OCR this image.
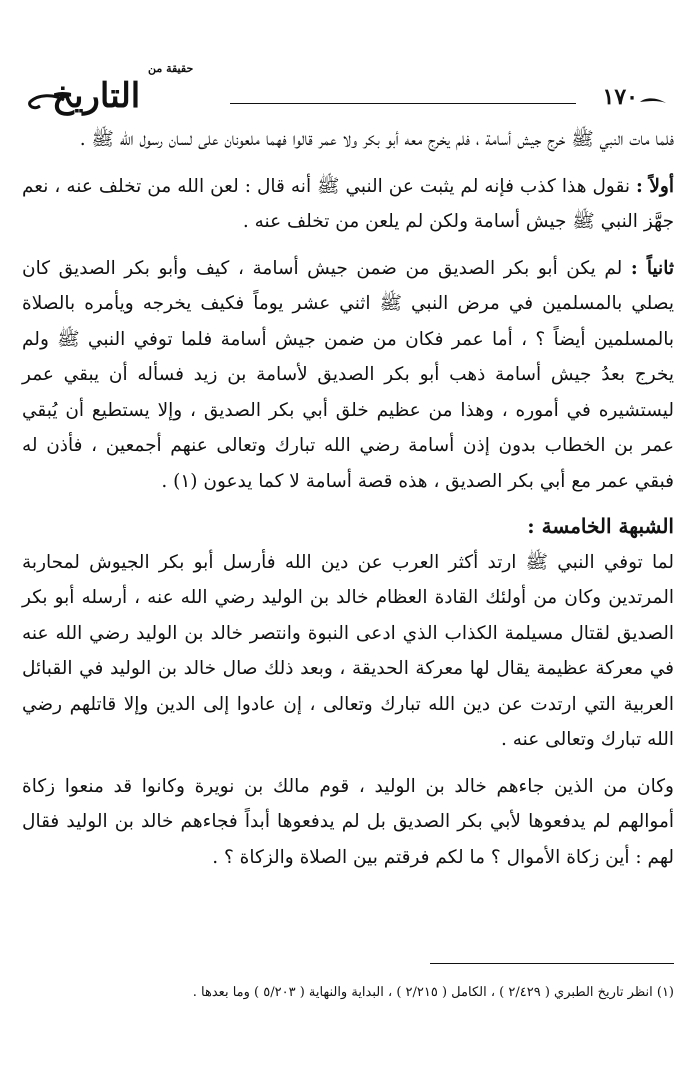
١٧٠
حقيقة من
التاريخ

فلما مات النبي ﷺ خرج جيش أسامة ، فلم يخرج معه أبو بكر ولا عمر قالوا فهما ملعونان على لسان رسول الله ﷺ .

أولاً : نقول هذا كذب فإنه لم يثبت عن النبي ﷺ أنه قال : لعن الله من تخلف عنه ، نعم جهَّز النبي ﷺ جيش أسامة ولكن لم يلعن من تخلف عنه .

ثانياً : لم يكن أبو بكر الصديق من ضمن جيش أسامة ، كيف وأبو بكر الصديق كان يصلي بالمسلمين في مرض النبي ﷺ اثني عشر يوماً فكيف يخرجه ويأمره بالصلاة بالمسلمين أيضاً ؟ ، أما عمر فكان من ضمن جيش أسامة فلما توفي النبي ﷺ ولم يخرج بعدُ جيش أسامة ذهب أبو بكر الصديق لأسامة بن زيد فسأله أن يبقي عمر ليستشيره في أموره ، وهذا من عظيم خلق أبي بكر الصديق ، وإلا يستطيع أن يُبقي عمر بن الخطاب بدون إذن أسامة رضي الله تبارك وتعالى عنهم أجمعين ، فأذن له فبقي عمر مع أبي بكر الصديق ، هذه قصة أسامة لا كما يدعون (١) .

الشبهة الخامسة :

لما توفي النبي ﷺ ارتد أكثر العرب عن دين الله فأرسل أبو بكر الجيوش لمحاربة المرتدين وكان من أولئك القادة العظام خالد بن الوليد رضي الله عنه ، أرسله أبو بكر الصديق لقتال مسيلمة الكذاب الذي ادعى النبوة وانتصر خالد بن الوليد رضي الله عنه في معركة عظيمة يقال لها معركة الحديقة ، وبعد ذلك صال خالد بن الوليد في القبائل العربية التي ارتدت عن دين الله تبارك وتعالى ، إن عادوا إلى الدين وإلا قاتلهم رضي الله تبارك وتعالى عنه .

وكان من الذين جاءهم خالد بن الوليد ، قوم مالك بن نويرة وكانوا قد منعوا زكاة أموالهم لم يدفعوها لأبي بكر الصديق بل لم يدفعوها أبداً فجاءهم خالد بن الوليد فقال لهم : أين زكاة الأموال ؟ ما لكم فرقتم بين الصلاة والزكاة ؟ .

(١) انظر تاريخ الطبري ( ٢/٤٢٩ ) ، الكامل ( ٢/٢١٥ ) ، البداية والنهاية ( ٥/٢٠٣ ) وما بعدها .
